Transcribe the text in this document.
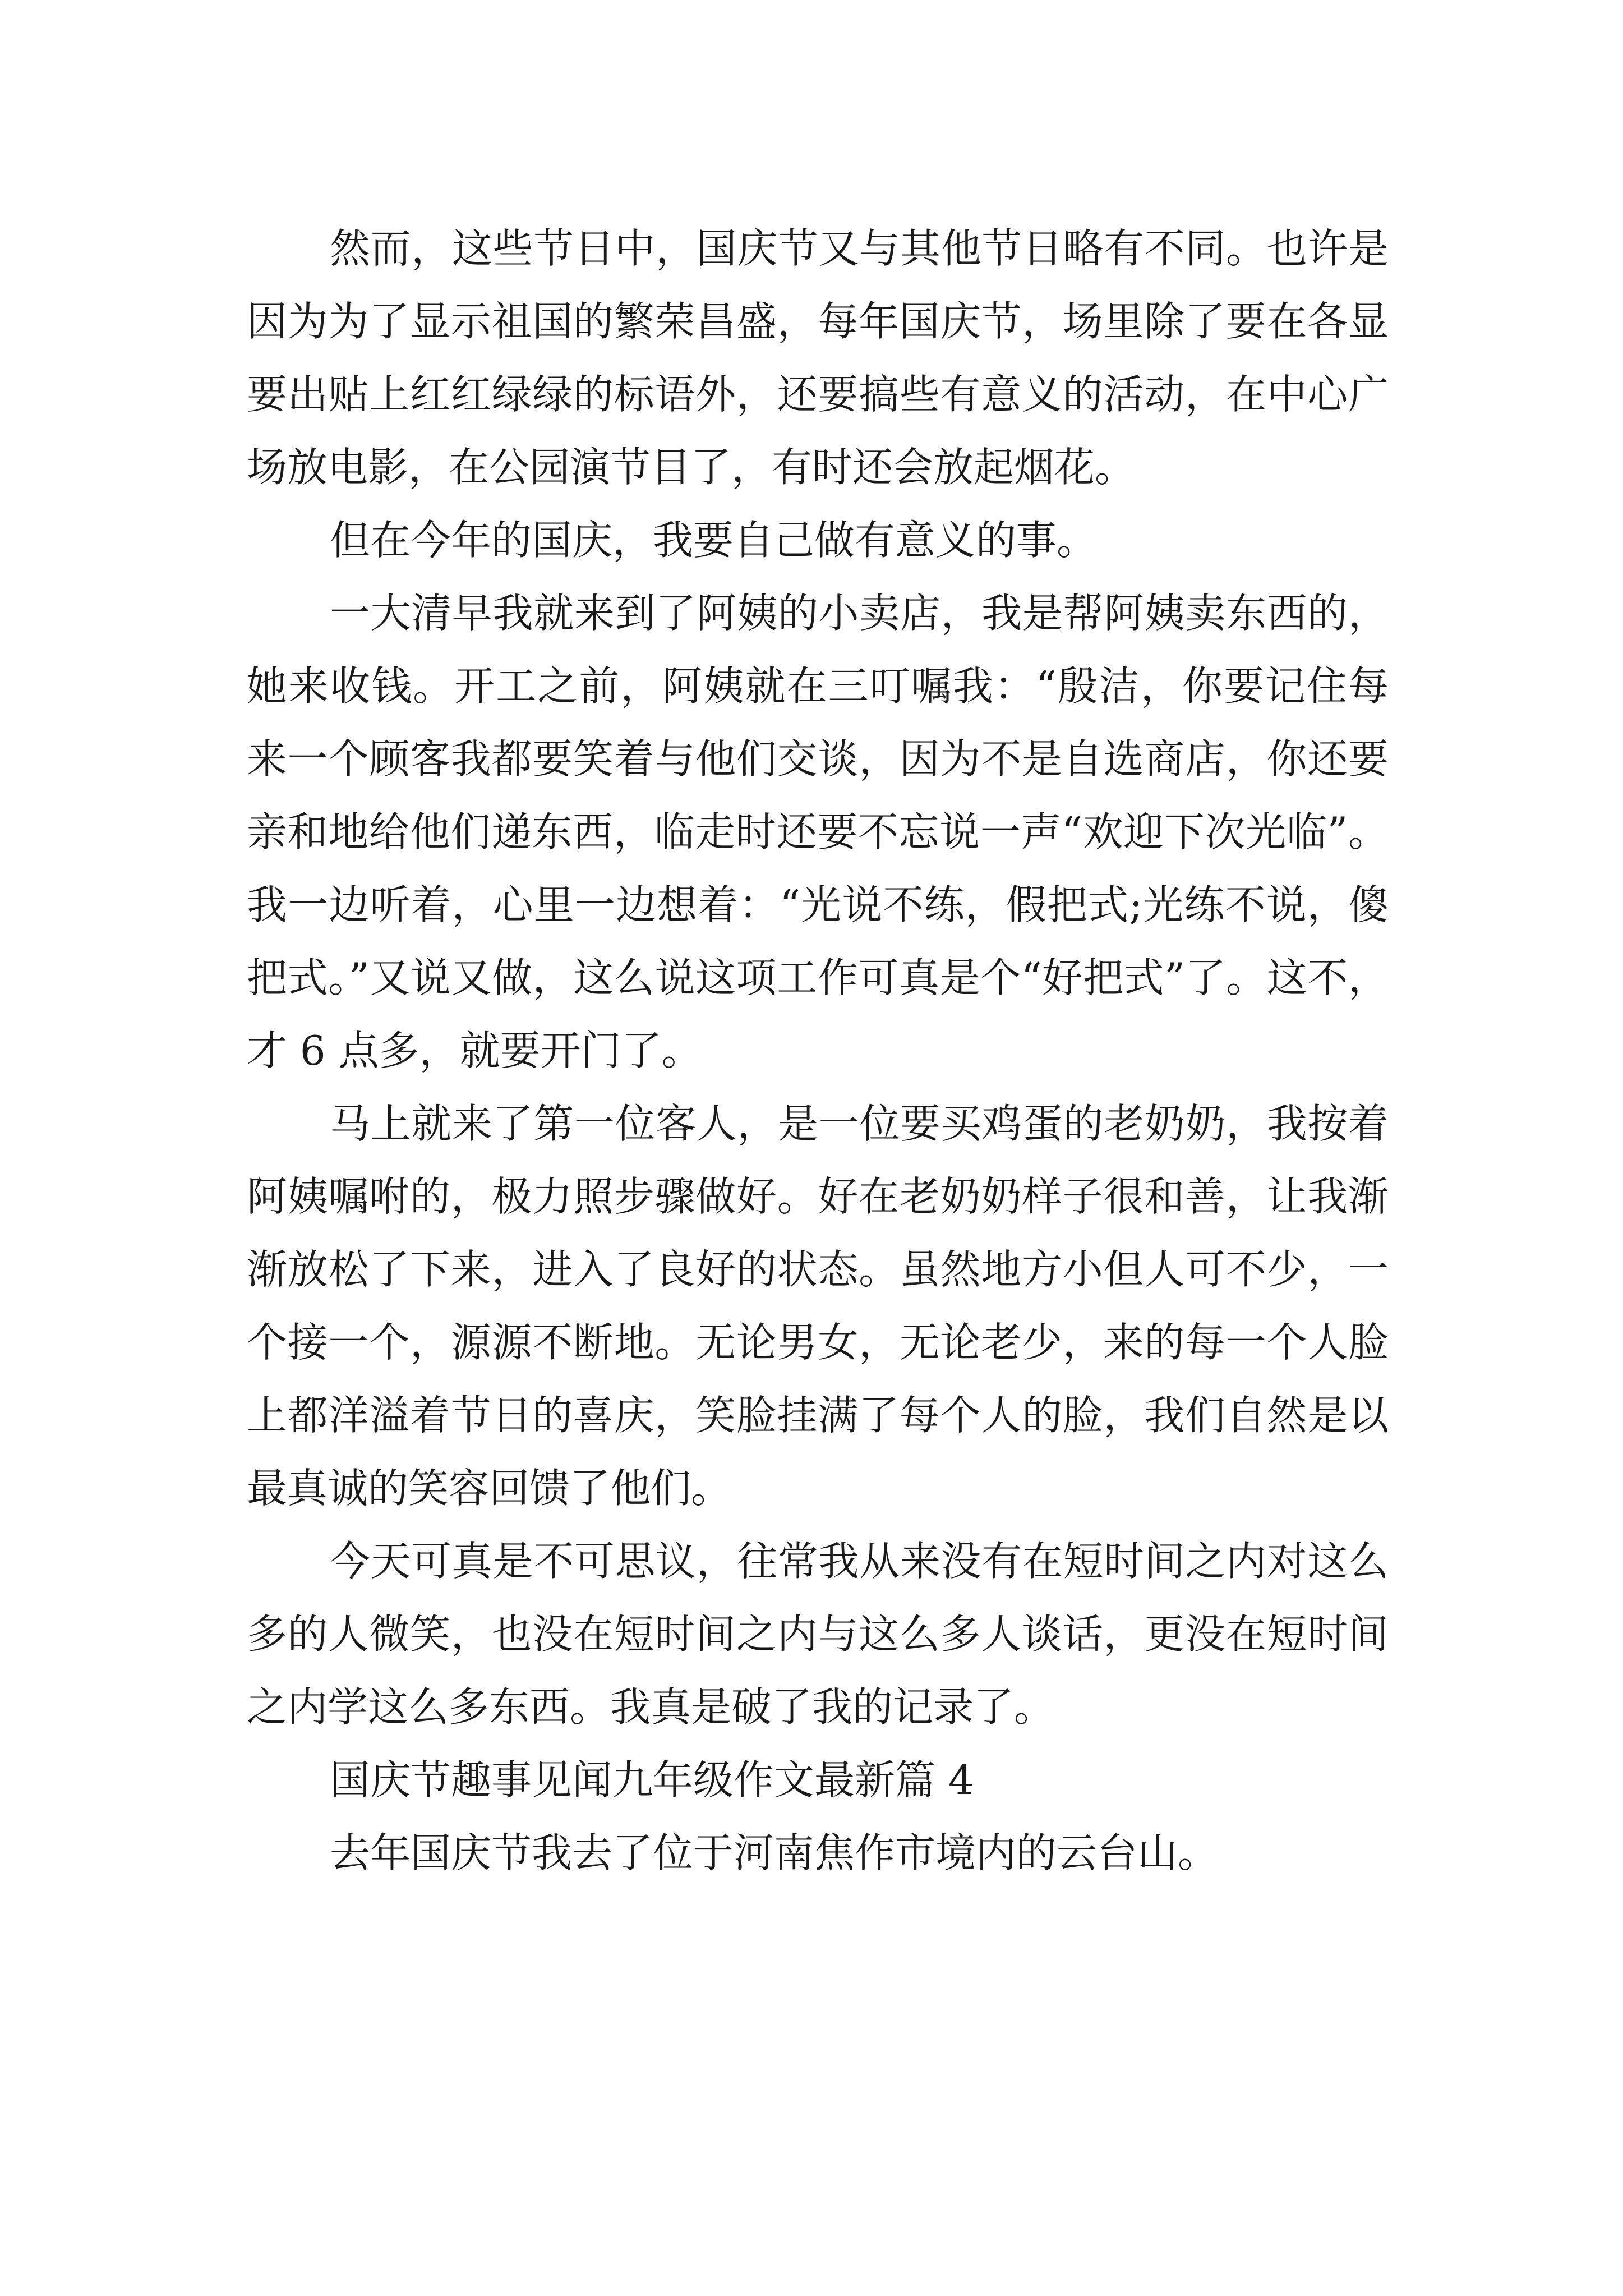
然而，这些节日中，国庆节又与其他节日略有不同。也许是因为为了显示祖国的繁荣昌盛，每年国庆节，场里除了要在各显要出贴上红红绿绿的标语外，还要搞些有意义的活动，在中心广场放电影，在公园演节目了，有时还会放起烟花。

但在今年的国庆，我要自己做有意义的事。

一大清早我就来到了阿姨的小卖店，我是帮阿姨卖东西的，她来收钱。开工之前，阿姨就在三叮嘱我：“殷洁，你要记住每来一个顾客我都要笑着与他们交谈，因为不是自选商店，你还要亲和地给他们递东西，临走时还要不忘说一声“欢迎下次光临”。我一边听着，心里一边想着：“光说不练，假把式;光练不说，傻把式。”又说又做，这么说这项工作可真是个“好把式”了。这不，才 6 点多，就要开门了。

马上就来了第一位客人，是一位要买鸡蛋的老奶奶，我按着阿姨嘱咐的，极力照步骤做好。好在老奶奶样子很和善，让我渐渐放松了下来，进入了良好的状态。虽然地方小但人可不少，一个接一个，源源不断地。无论男女，无论老少，来的每一个人脸上都洋溢着节日的喜庆，笑脸挂满了每个人的脸，我们自然是以最真诚的笑容回馈了他们。

今天可真是不可思议，往常我从来没有在短时间之内对这么多的人微笑，也没在短时间之内与这么多人谈话，更没在短时间之内学这么多东西。我真是破了我的记录了。

国庆节趣事见闻九年级作文最新篇 4

去年国庆节我去了位于河南焦作市境内的云台山。
